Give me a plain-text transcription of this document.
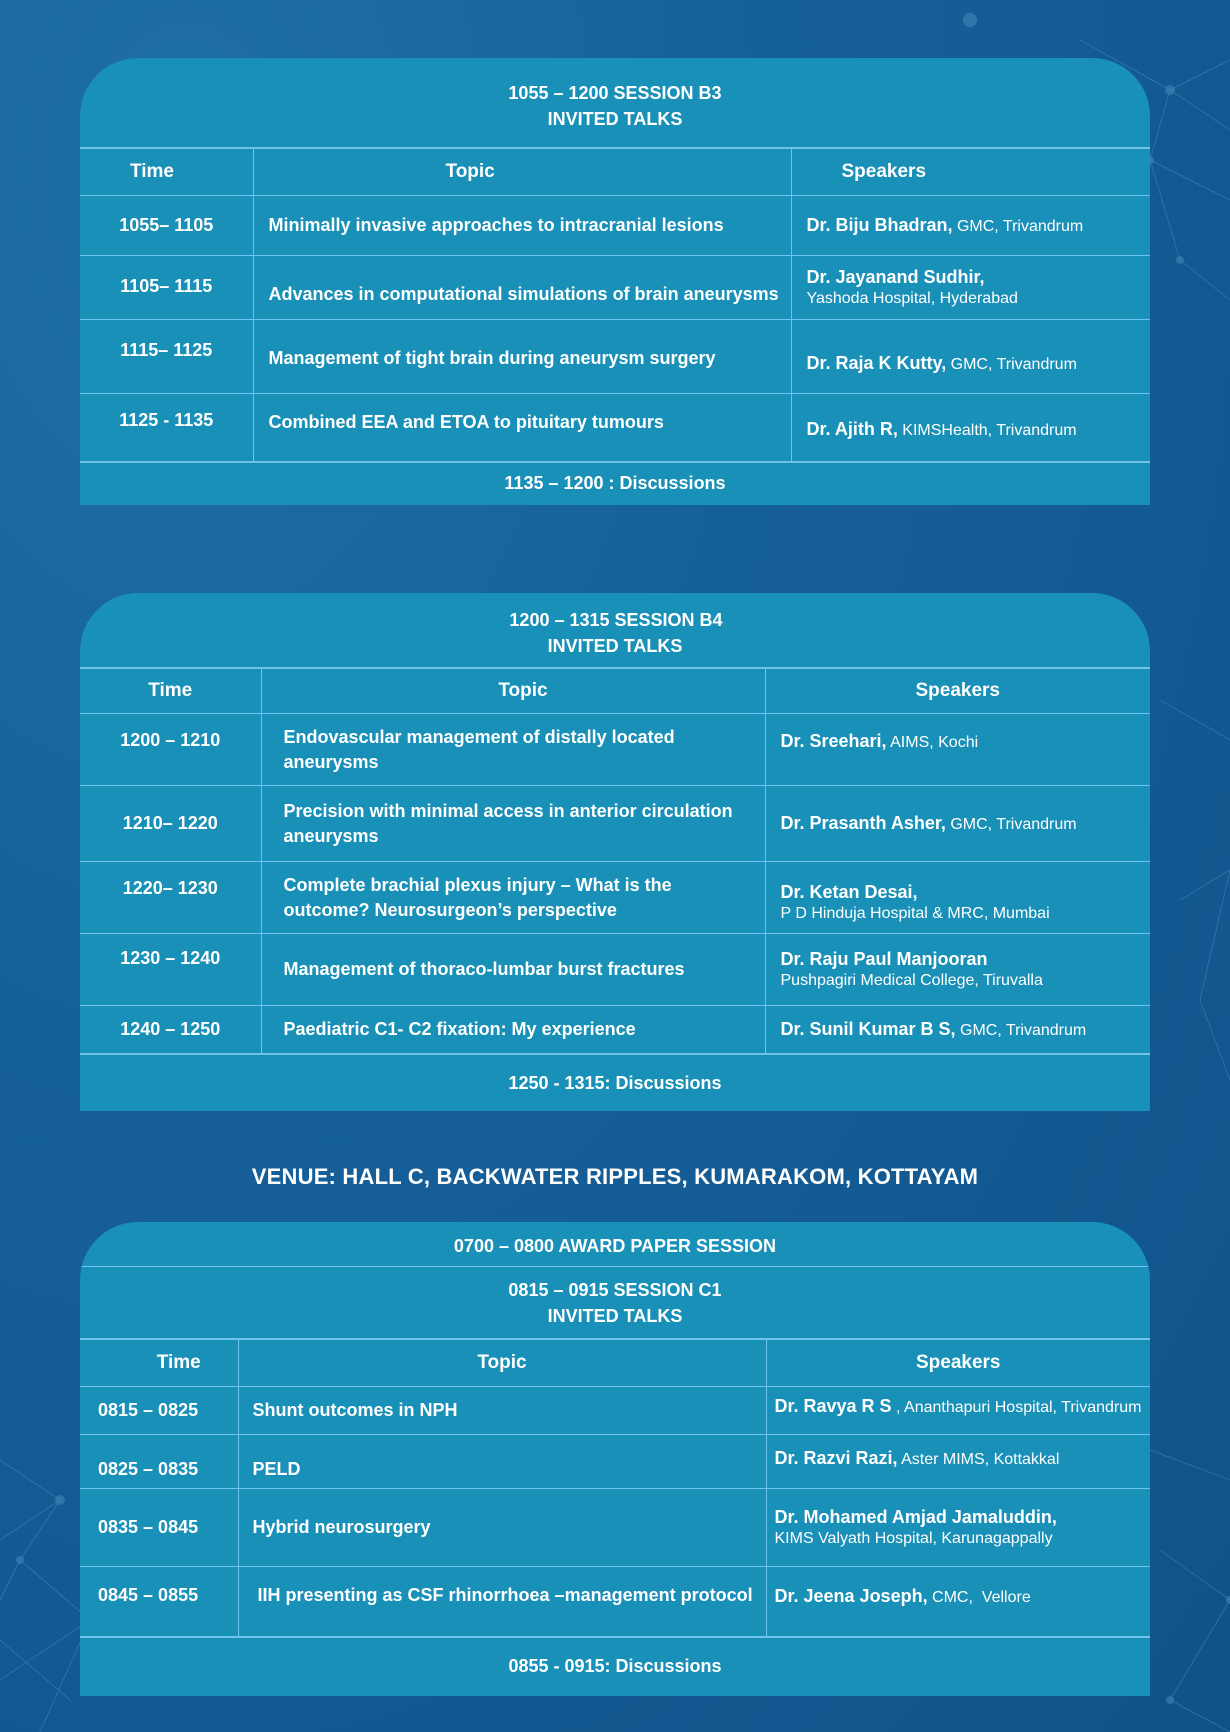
1055 – 1200 SESSION B3
INVITED TALKS
Time	Topic	Speakers
1055– 1105	Minimally invasive approaches to intracranial lesions	Dr. Biju Bhadran, GMC, Trivandrum
1105– 1115	Advances in computational simulations of brain aneurysms	Dr. Jayanand Sudhir,
Yashoda Hospital, Hyderabad

1115– 1125	Management of tight brain during aneurysm surgery	Dr. Raja K Kutty, GMC, Trivandrum
1125 - 1135	Combined EEA and ETOA to pituitary tumours	Dr. Ajith R, KIMSHealth, Trivandrum
1135 – 1200 : Discussions
1200 – 1315 SESSION B4
INVITED TALKS
Time	Topic	Speakers
1200 – 1210	Endovascular management of distally located aneurysms	Dr. Sreehari, AIMS, Kochi
1210– 1220	Precision with minimal access in anterior circulation aneurysms	Dr. Prasanth Asher, GMC, Trivandrum
1220– 1230	Complete brachial plexus injury – What is the outcome? Neurosurgeon’s perspective	Dr. Ketan Desai,
P D Hinduja Hospital & MRC, Mumbai

1230 – 1240	Management of thoraco-lumbar burst fractures	Dr. Raju Paul Manjooran
Pushpagiri Medical College, Tiruvalla

1240 – 1250	Paediatric C1- C2 fixation: My experience	Dr. Sunil Kumar B S, GMC, Trivandrum
1250 - 1315: Discussions
VENUE: HALL C, BACKWATER RIPPLES, KUMARAKOM, KOTTAYAM
0700 – 0800 AWARD PAPER SESSION
0815 – 0915 SESSION C1
INVITED TALKS
Time	Topic	Speakers
0815 – 0825	Shunt outcomes in NPH	Dr. Ravya R S , Ananthapuri Hospital, Trivandrum
0825 – 0835	PELD	Dr. Razvi Razi, Aster MIMS, Kottakkal
0835 – 0845	Hybrid neurosurgery	Dr. Mohamed Amjad Jamaluddin,
KIMS Valyath Hospital, Karunagappally

0845 – 0855	IIH presenting as CSF rhinorrhoea –management protocol	Dr. Jeena Joseph, CMC,  Vellore
0855 - 0915: Discussions
